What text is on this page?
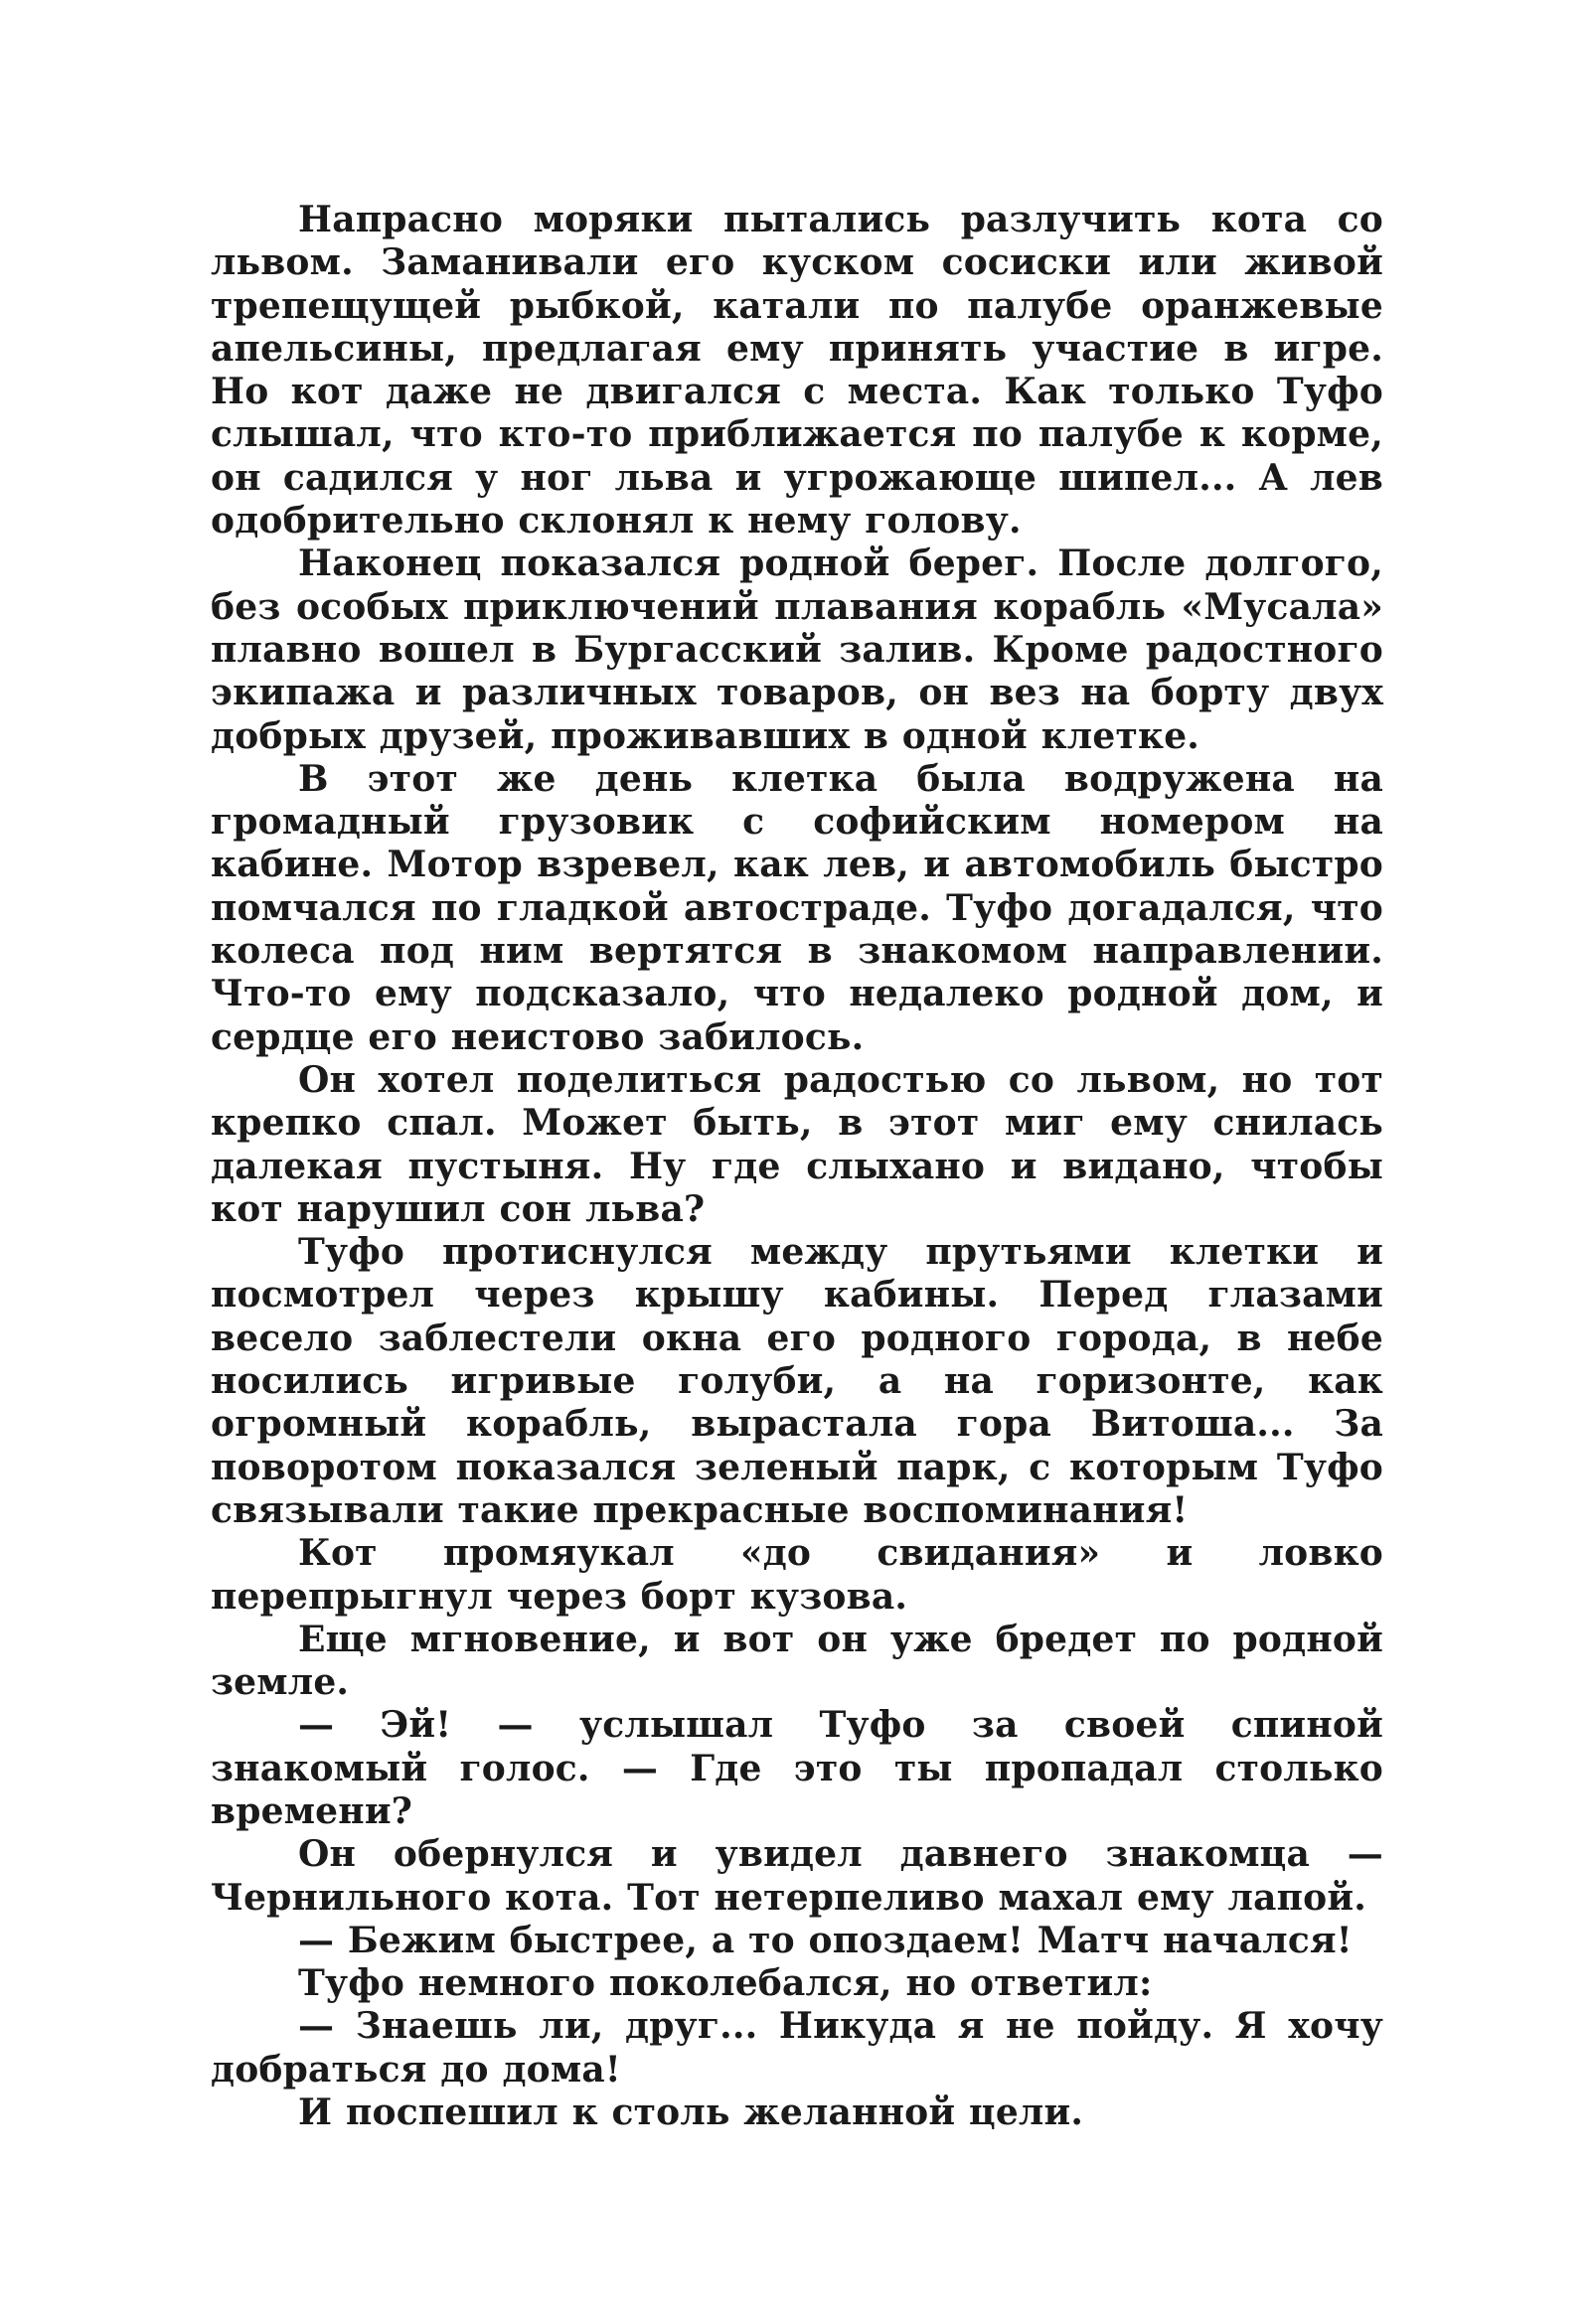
Напрасно моряки пытались разлучить кота со львом. Заманивали его куском сосиски или живой трепещущей рыбкой, катали по палубе оранжевые апельсины, предлагая ему принять участие в игре. Но кот даже не двигался с места. Как только Туфо слышал, что кто-то приближается по палубе к корме, он садился у ног льва и угрожающе шипел... А лев одобрительно склонял к нему голову.

Наконец показался родной берег. После долгого, без особых приключений плавания корабль «Мусала» плавно вошел в Бургасский залив. Кроме радостного экипажа и различных товаров, он вез на борту двух добрых друзей, проживавших в одной клетке.

В этот же день клетка была водружена на громадный грузовик с софийским номером на кабине. Мотор взревел, как лев, и автомобиль быстро помчался по гладкой автостраде. Туфо догадался, что колеса под ним вертятся в знакомом направлении. Что-то ему подсказало, что недалеко родной дом, и сердце его неистово забилось.

Он хотел поделиться радостью со львом, но тот крепко спал. Может быть, в этот миг ему снилась далекая пустыня. Ну где слыхано и видано, чтобы кот нарушил сон льва?

Туфо протиснулся между прутьями клетки и посмотрел через крышу кабины. Перед глазами весело заблестели окна его родного города, в небе носились игривые голуби, а на горизонте, как огромный корабль, вырастала гора Витоша... За поворотом показался зеленый парк, с которым Туфо связывали такие прекрасные воспоминания!

Кот промяукал «до свидания» и ловко перепрыгнул через борт кузова.

Еще мгновение, и вот он уже бредет по родной земле.

— Эй! — услышал Туфо за своей спиной знакомый голос. — Где это ты пропадал столько времени?

Он обернулся и увидел давнего знакомца — Чернильного кота. Тот нетерпеливо махал ему лапой.

— Бежим быстрее, а то опоздаем! Матч начался!

Туфо немного поколебался, но ответил:

— Знаешь ли, друг... Никуда я не пойду. Я хочу добраться до дома!

И поспешил к столь желанной цели.
